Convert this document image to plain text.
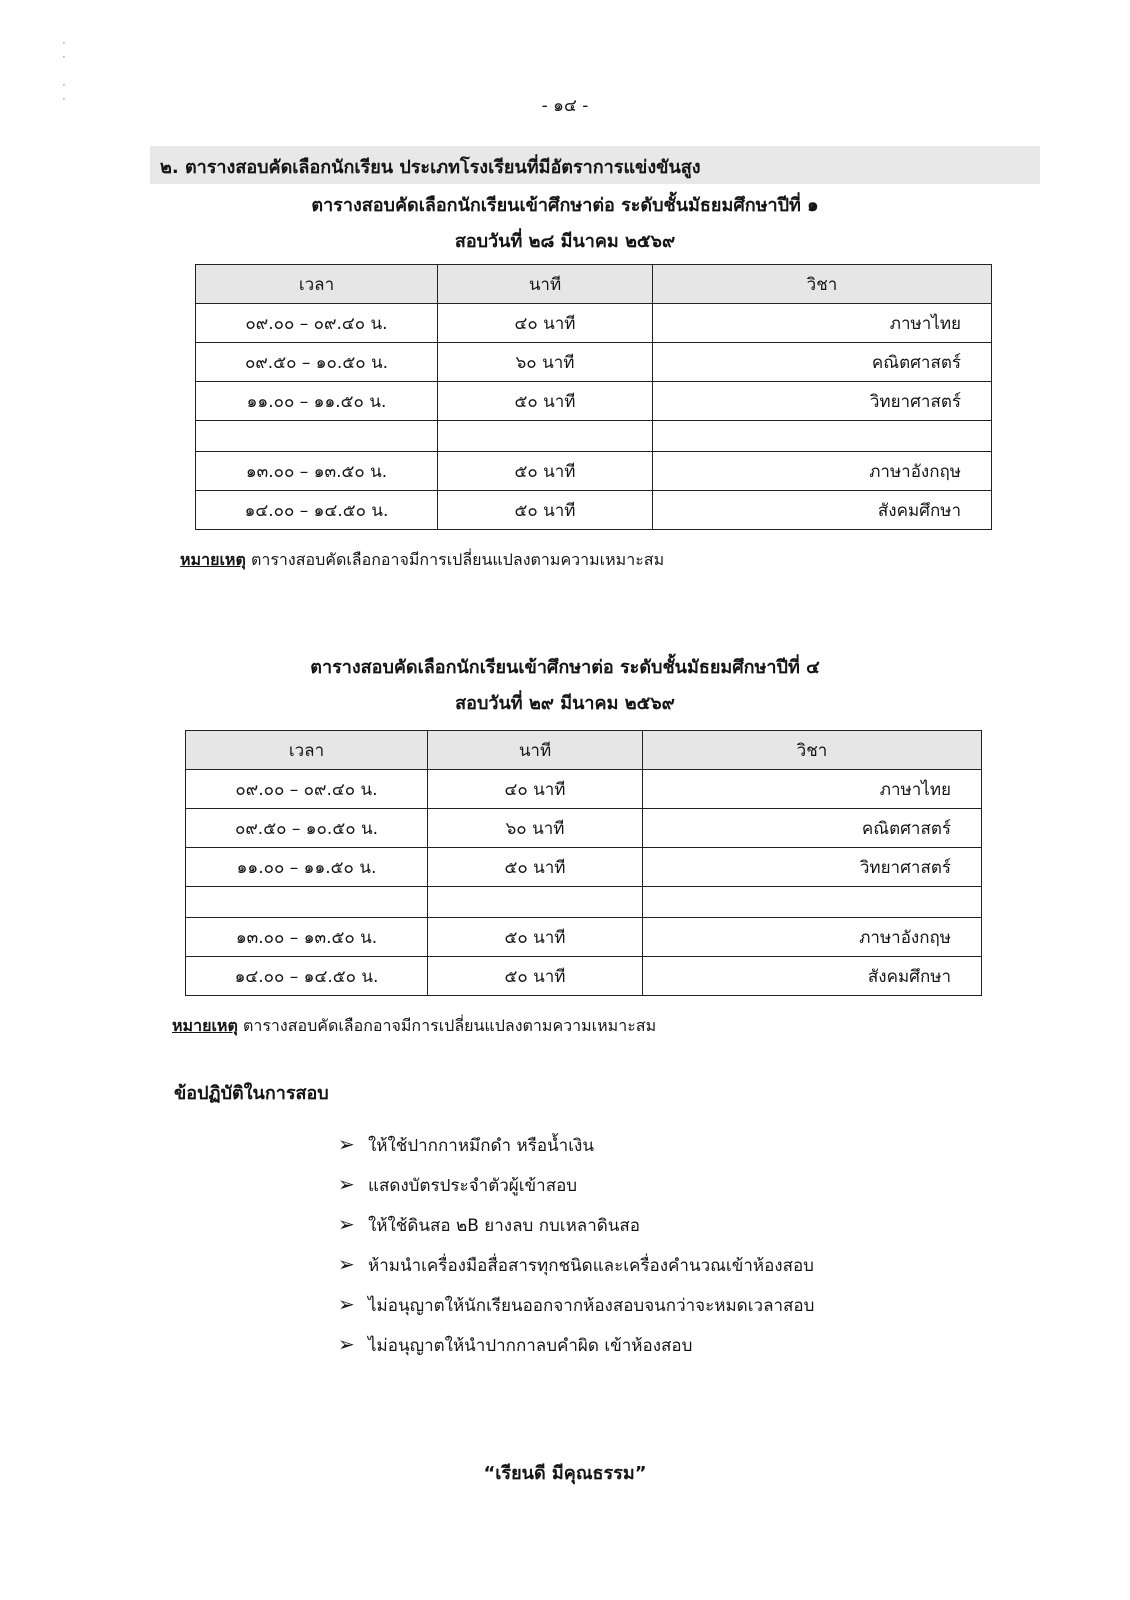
·
·

·
·	- ๑๔ -
๒. ตารางสอบคัดเลือกนักเรียน ประเภทโรงเรียนที่มีอัตราการแข่งขันสูง
ตารางสอบคัดเลือกนักเรียนเข้าศึกษาต่อ ระดับชั้นมัธยมศึกษาปีที่ ๑
สอบวันที่ ๒๘ มีนาคม ๒๕๖๙
เวลา	นาที	วิชา
๐๙.๐๐ – ๐๙.๔๐ น.	๔๐ นาที	ภาษาไทย
๐๙.๕๐ – ๑๐.๕๐ น.	๖๐ นาที	คณิตศาสตร์
๑๑.๐๐ – ๑๑.๕๐ น.	๕๐ นาที	วิทยาศาสตร์

๑๓.๐๐ – ๑๓.๕๐ น.	๕๐ นาที	ภาษาอังกฤษ
๑๔.๐๐ – ๑๔.๕๐ น.	๕๐ นาที	สังคมศึกษา
หมายเหตุ ตารางสอบคัดเลือกอาจมีการเปลี่ยนแปลงตามความเหมาะสม
ตารางสอบคัดเลือกนักเรียนเข้าศึกษาต่อ ระดับชั้นมัธยมศึกษาปีที่ ๔
สอบวันที่ ๒๙ มีนาคม ๒๕๖๙
เวลา	นาที	วิชา
๐๙.๐๐ – ๐๙.๔๐ น.	๔๐ นาที	ภาษาไทย
๐๙.๕๐ – ๑๐.๕๐ น.	๖๐ นาที	คณิตศาสตร์
๑๑.๐๐ – ๑๑.๕๐ น.	๕๐ นาที	วิทยาศาสตร์

๑๓.๐๐ – ๑๓.๕๐ น.	๕๐ นาที	ภาษาอังกฤษ
๑๔.๐๐ – ๑๔.๕๐ น.	๕๐ นาที	สังคมศึกษา
หมายเหตุ ตารางสอบคัดเลือกอาจมีการเปลี่ยนแปลงตามความเหมาะสม
ข้อปฏิบัติในการสอบ
➢ ให้ใช้ปากกาหมึกดำ หรือน้ำเงิน
➢ แสดงบัตรประจำตัวผู้เข้าสอบ
➢ ให้ใช้ดินสอ ๒B ยางลบ กบเหลาดินสอ
➢ ห้ามนำเครื่องมือสื่อสารทุกชนิดและเครื่องคำนวณเข้าห้องสอบ
➢ ไม่อนุญาตให้นักเรียนออกจากห้องสอบจนกว่าจะหมดเวลาสอบ
➢ ไม่อนุญาตให้นำปากกาลบคำผิด เข้าห้องสอบ
“เรียนดี มีคุณธรรม”
